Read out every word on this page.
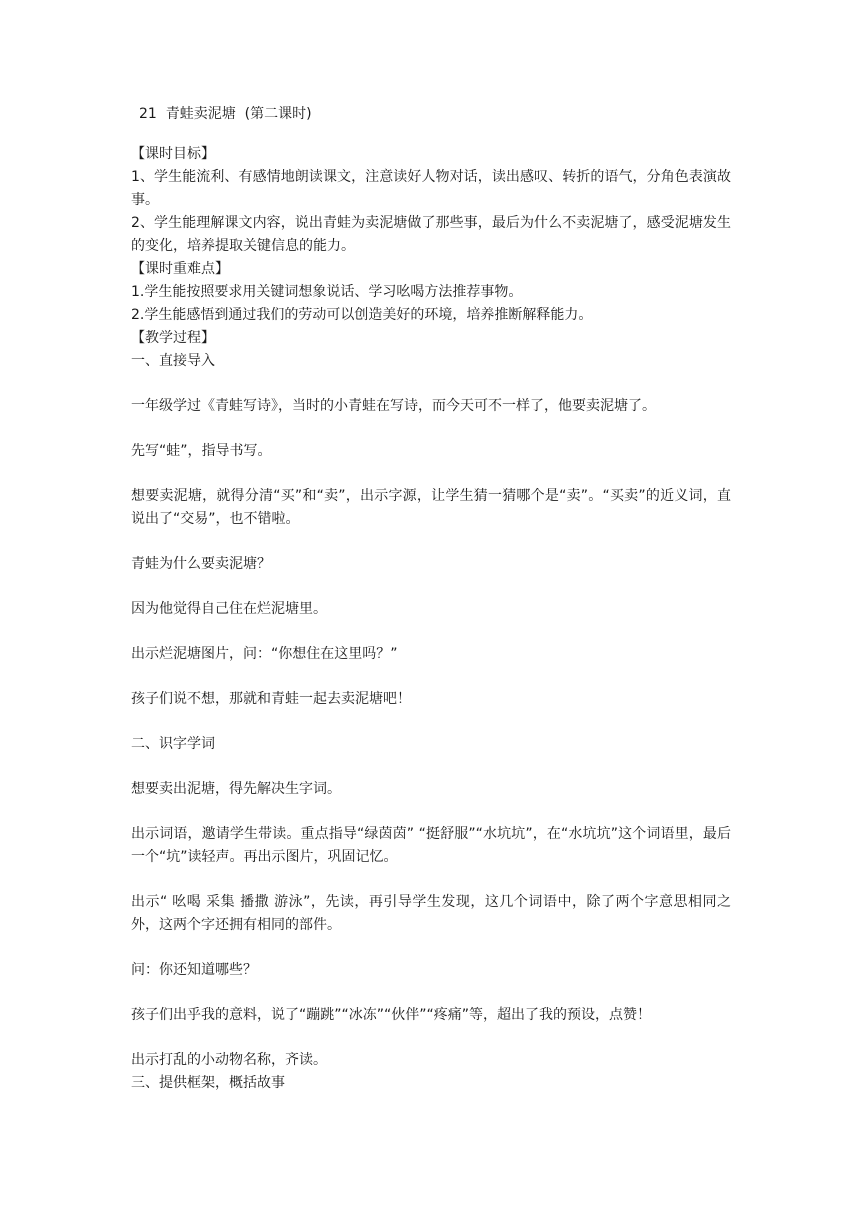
21  青蛙卖泥塘  (第二课时)

【课时目标】

1、学生能流利、有感情地朗读课文，注意读好人物对话，读出感叹、转折的语气，分角色表演故事。

2、学生能理解课文内容，说出青蛙为卖泥塘做了那些事，最后为什么不卖泥塘了，感受泥塘发生的变化，培养提取关键信息的能力。

【课时重难点】

1.学生能按照要求用关键词想象说话、学习吆喝方法推荐事物。

2.学生能感悟到通过我们的劳动可以创造美好的环境，培养推断解释能力。

【教学过程】

一、直接导入

一年级学过《青蛙写诗》，当时的小青蛙在写诗，而今天可不一样了，他要卖泥塘了。

先写“蛙”，指导书写。

想要卖泥塘，就得分清“买”和“卖”，出示字源，让学生猜一猜哪个是“卖”。“买卖”的近义词，直说出了“交易”，也不错啦。

青蛙为什么要卖泥塘？

因为他觉得自己住在烂泥塘里。

出示烂泥塘图片，问：“你想住在这里吗？”

孩子们说不想，那就和青蛙一起去卖泥塘吧！

二、识字学词

想要卖出泥塘，得先解决生字词。

出示词语，邀请学生带读。重点指导“绿茵茵” “挺舒服”“水坑坑”，在“水坑坑”这个词语里，最后一个“坑”读轻声。再出示图片，巩固记忆。

出示“ 吆喝 采集 播撒 游泳”，先读，再引导学生发现，这几个词语中，除了两个字意思相同之外，这两个字还拥有相同的部件。

问：你还知道哪些？

孩子们出乎我的意料，说了“蹦跳”“冰冻”“伙伴”“疼痛”等，超出了我的预设，点赞！

出示打乱的小动物名称，齐读。

三、提供框架，概括故事
